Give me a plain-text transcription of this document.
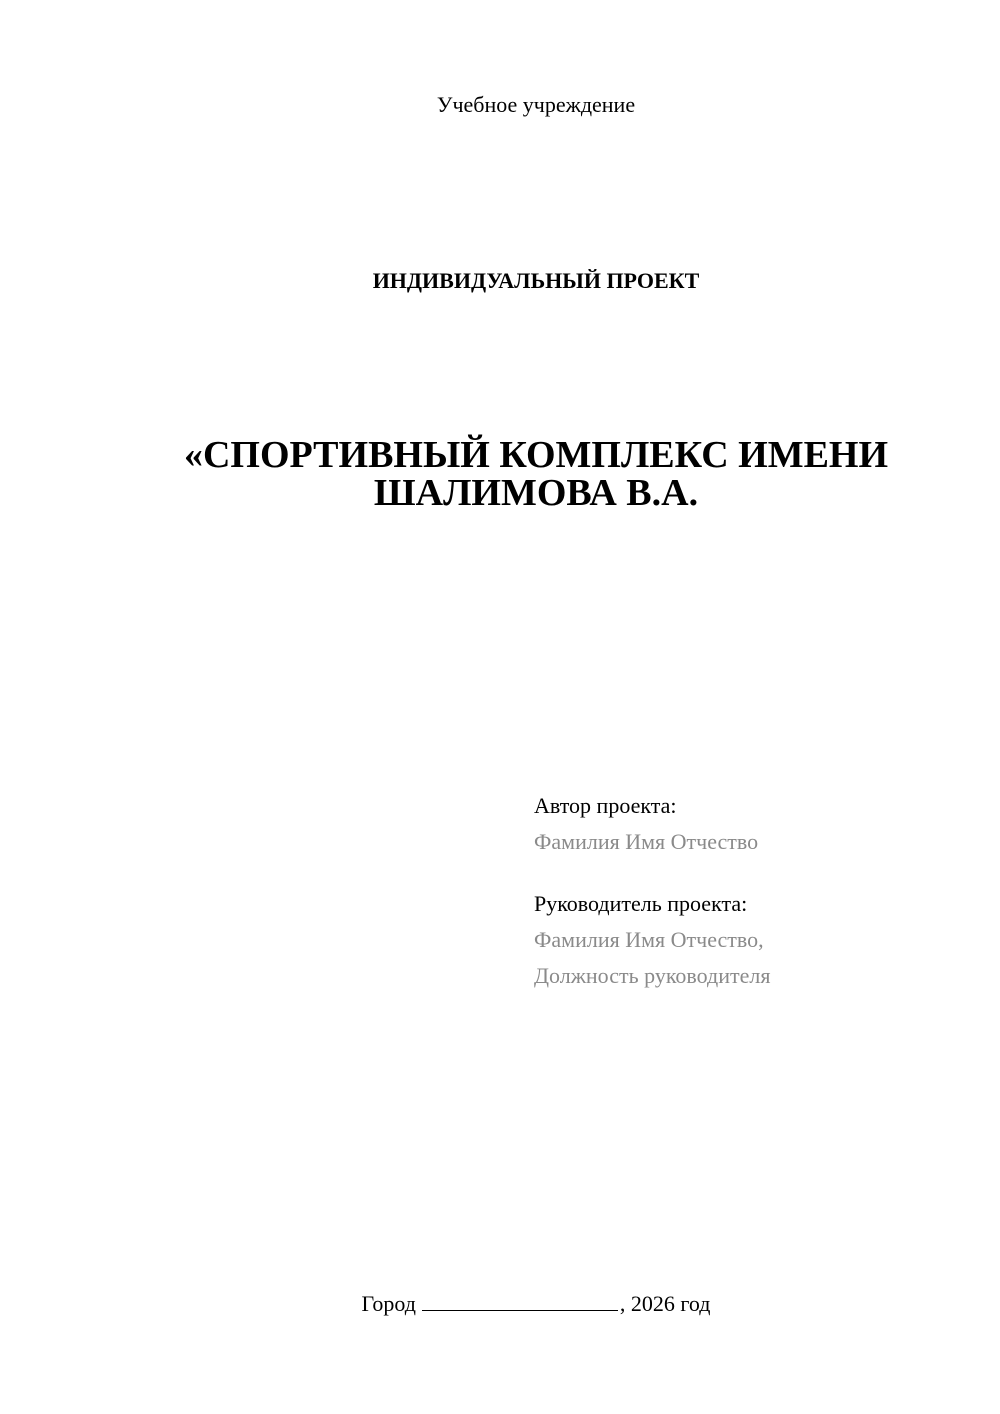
Учебное учреждение
ИНДИВИДУАЛЬНЫЙ ПРОЕКТ
«СПОРТИВНЫЙ КОМПЛЕКС ИМЕНИ
ШАЛИМОВА В.А.
Автор проекта:
Фамилия Имя Отчество
Руководитель проекта:
Фамилия Имя Отчество,
Должность руководителя
Город	, 2026 год
